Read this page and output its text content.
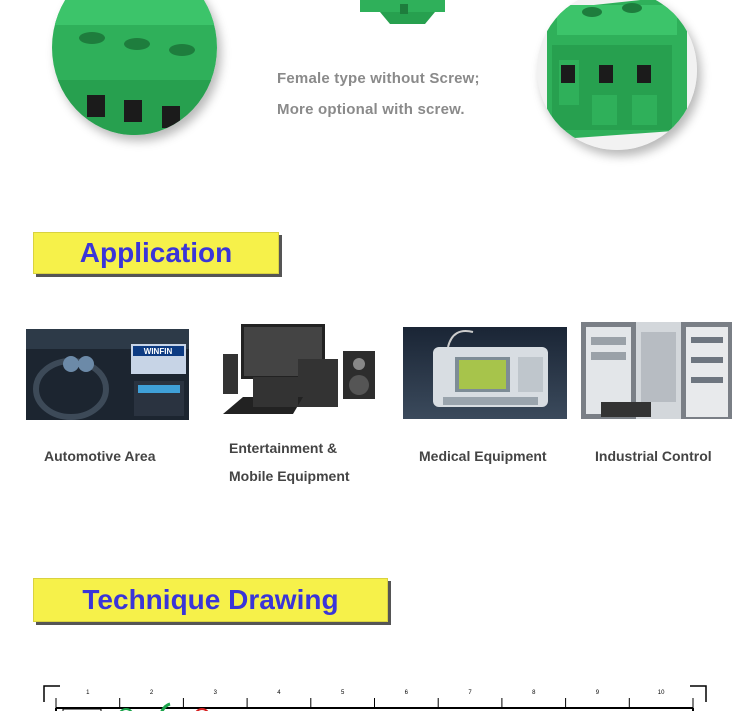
Female type without Screw;
More optional with screw.
Application
WINFIN
Automotive Area	Entertainment &
Mobile Equipment
Medical Equipment	Industrial Control
Technique Drawing
1	2	3	4	5	6	7	8	9	10
